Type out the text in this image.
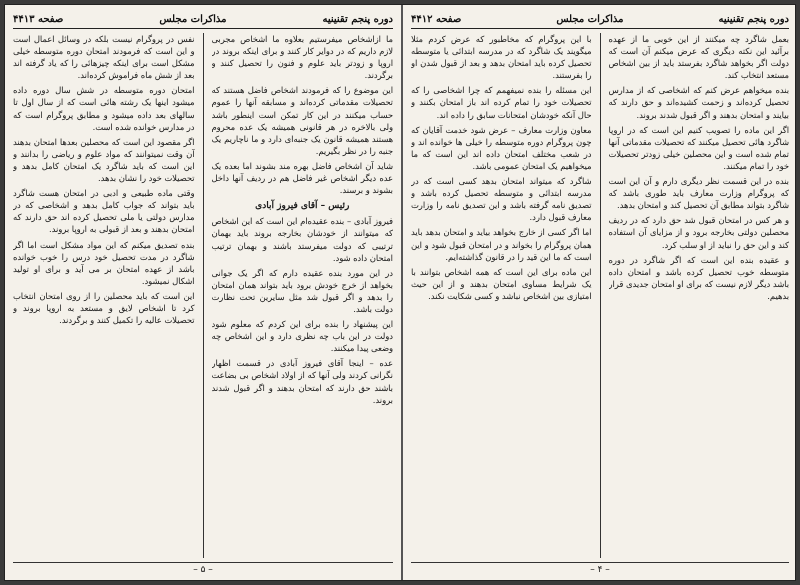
دوره پنجم تقنینیه
مذاکرات مجلس
صفحه ۴۴۱۳

ما ازاشخاص میفرستیم بعلاوه ما اشخاص مجربی لازم داریم که در دوایر کار کنند و برای اینکه بروند در اروپا و زودتر باید علوم و فنون را تحصیل کنند و برگردند.

این موضوع را که فرمودند اشخاص فاضل هستند که تحصیلات مقدماتی کرده‌اند و مسابقه آنها را عموم حساب میکنند در این کار تمکن است اینطور باشد ولی بالاخره در هر قانونی همیشه یک عده محروم هستند همیشه قانون یک جنبه‌ای دارد و ما ناچاریم یک جنبه را در نظر بگیریم.

شاید آن اشخاص فاضل بهره مند بشوند اما بعده یک عده دیگر اشخاص غیر فاضل هم در ردیف آنها داخل بشوند و برسند.

رئیس – آقای فیروز آبادی

فیروز آبادی – بنده عقیده‌ام این است که این اشخاص که میتوانند از خودشان بخارجه بروند باید بهمان ترتیبی که دولت میفرستد باشند و بهمان ترتیب امتحان داده شود.

در این مورد بنده عقیده دارم که اگر یک جوانی بخواهد از خرج خودش برود باید بتواند همان امتحان را بدهد و اگر قبول شد مثل سایرین تحت نظارت دولت باشد.

این پیشنهاد را بنده برای این کردم که معلوم شود دولت در این باب چه نظری دارد و این اشخاص چه وضعی پیدا میکنند.

عده – اینجا آقای فیروز آبادی در قسمت اظهار نگرانی کردند ولی آنها که از اولاد اشخاص بی بضاعت باشند حق دارند که امتحان بدهند و اگر قبول شدند بروند.

نفس در پروگرام نیست بلکه در وسائل اعمال است و این است که فرمودند امتحان دوره متوسطه خیلی مشکل است برای اینکه چیزهائی را که یاد گرفته اند بعد از شش ماه فراموش کرده‌اند.

امتحان دوره متوسطه در شش سال دوره داده میشود اینها یک رشته هائی است که از سال اول تا سالهای بعد داده میشود و مطابق پروگرام است که در مدارس خوانده شده است.

اگر مقصود این است که محصلین بعدها امتحان بدهند آن وقت نمیتوانند که مواد علوم و ریاضی را بدانند و این است که باید شاگرد یک امتحان کامل بدهد و تحصیلات خود را نشان بدهد.

وقتی ماده طبیعی و ادبی در امتحان هست شاگرد باید بتواند که جواب کامل بدهد و اشخاصی که در مدارس دولتی یا ملی تحصیل کرده اند حق دارند که امتحان بدهند و بعد از قبولی به اروپا بروند.

بنده تصدیق میکنم که این مواد مشکل است اما اگر شاگرد در مدت تحصیل خود درس را خوب خوانده باشد از عهده امتحان بر می آید و برای او تولید اشکال نمیشود.

این است که باید محصلین را از روی امتحان انتخاب کرد تا اشخاص لایق و مستعد به اروپا بروند و تحصیلات عالیه را تکمیل کنند و برگردند.

– ۵ –
دوره پنجم تقنینیه
مذاکرات مجلس
صفحه ۴۴۱۲

بعمل شاگرد چه میکنند از این خوبی ما از عهده برآئید این نکته دیگری که عرض میکنم آن است که دولت اگر بخواهد شاگرد بفرستد باید از بین اشخاص مستعد انتخاب کند.

بنده میخواهم عرض کنم که اشخاصی که از مدارس تحصیل کرده‌اند و زحمت کشیده‌اند و حق دارند که بیایند و امتحان بدهند و اگر قبول شدند بروند.

اگر این ماده را تصویب کنیم این است که در اروپا شاگرد هائی تحصیل میکنند که تحصیلات مقدماتی آنها تمام شده است و این محصلین خیلی زودتر تحصیلات خود را تمام میکنند.

بنده در این قسمت نظر دیگری دارم و آن این است که پروگرام وزارت معارف باید طوری باشد که شاگرد بتواند مطابق آن تحصیل کند و امتحان بدهد.

و هر کس در امتحان قبول شد حق دارد که در ردیف محصلین دولتی بخارجه برود و از مزایای آن استفاده کند و این حق را نباید از او سلب کرد.

و عقیده بنده این است که اگر شاگرد در دوره متوسطه خوب تحصیل کرده باشد و امتحان داده باشد دیگر لازم نیست که برای او امتحان جدیدی قرار بدهیم.

با این پروگرام که مخاطبور که عرض کردم مثلا میگویند یک شاگرد که در مدرسه ابتدائی یا متوسطه تحصیل کرده باید امتحان بدهد و بعد از قبول شدن او را بفرستند.

این مسئله را بنده نمیفهمم که چرا اشخاصی را که تحصیلات خود را تمام کرده اند باز امتحان بکنند و حال آنکه خودشان امتحانات سابق را داده اند.

معاون وزارت معارف – عرض شود خدمت آقایان که چون پروگرام دوره متوسطه را خیلی ها خوانده اند و در شعب مختلف امتحان داده اند این است که ما میخواهیم یک امتحان عمومی باشد.

شاگرد که میتواند امتحان بدهد کسی است که در مدرسه ابتدائی و متوسطه تحصیل کرده باشد و تصدیق نامه گرفته باشد و این تصدیق نامه را وزارت معارف قبول دارد.

اما اگر کسی از خارج بخواهد بیاید و امتحان بدهد باید همان پروگرام را بخواند و در امتحان قبول شود و این است که ما این قید را در قانون گذاشته‌ایم.

این ماده برای این است که همه اشخاص بتوانند با یک شرایط مساوی امتحان بدهند و از این حیث امتیازی بین اشخاص نباشد و کسی شکایت نکند.

– ۴ –
